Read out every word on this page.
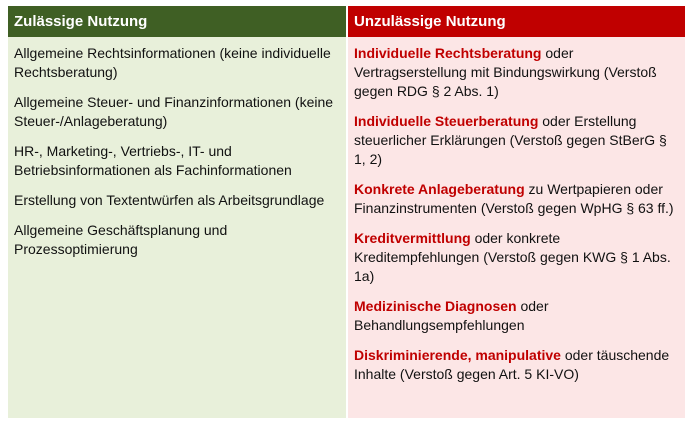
Zulässige Nutzung
Allgemeine Rechtsinformationen (keine individuelle Rechtsberatung)
Allgemeine Steuer- und Finanzinformationen (keine Steuer-/Anlageberatung)
HR-, Marketing-, Vertriebs-, IT- und Betriebsinformationen als Fachinformationen
Erstellung von Textentwürfen als Arbeitsgrundlage
Allgemeine Geschäftsplanung und Prozessoptimierung
Unzulässige Nutzung
Individuelle Rechtsberatung oder Vertragserstellung mit Bindungswirkung (Verstoß gegen RDG § 2 Abs. 1)
Individuelle Steuerberatung oder Erstellung steuerlicher Erklärungen (Verstoß gegen StBerG § 1, 2)
Konkrete Anlageberatung zu Wertpapieren oder Finanzinstrumenten (Verstoß gegen WpHG § 63 ff.)
Kreditvermittlung oder konkrete Kreditempfehlungen (Verstoß gegen KWG § 1 Abs. 1a)
Medizinische Diagnosen oder Behandlungsempfehlungen
Diskriminierende, manipulative oder täuschende Inhalte (Verstoß gegen Art. 5 KI-VO)
